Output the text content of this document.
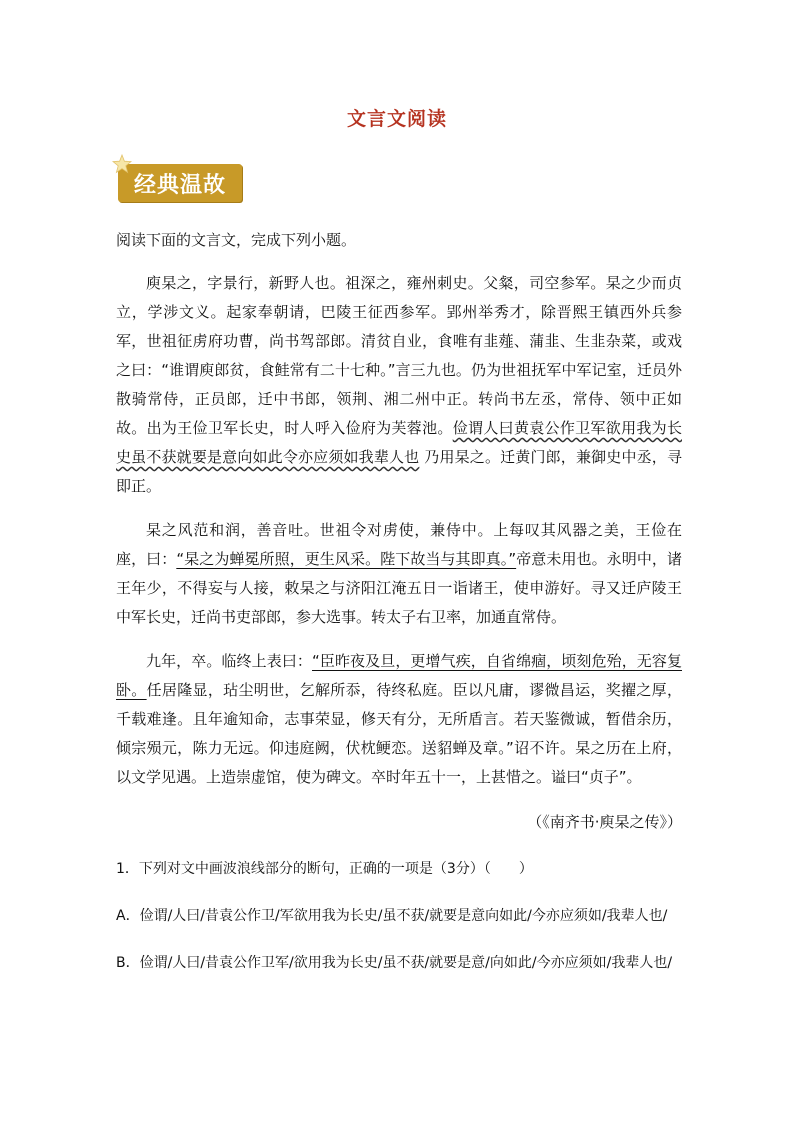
文言文阅读
经典温故

阅读下面的文言文，完成下列小题。

庾杲之，字景行，新野人也。祖深之，雍州刺史。父粲，司空参军。杲之少而贞立，学涉文义。起家奉朝请，巴陵王征西参军。郢州举秀才，除晋熙王镇西外兵参军，世祖征虏府功曹，尚书驾部郎。清贫自业，食唯有韭薤、蒲韭、生韭杂菜，或戏之曰：“谁谓庾郎贫，食鲑常有二十七种。”言三九也。仍为世祖抚军中军记室，迁员外散骑常侍，正员郎，迁中书郎，领荆、湘二州中正。转尚书左丞，常侍、领中正如故。出为王俭卫军长史，时人呼入俭府为芙蓉池。俭谓人曰黄袁公作卫军欲用我为长史虽不获就要是意向如此令亦应须如我辈人也 乃用杲之。迁黄门郎，兼御史中丞，寻即正。

杲之风范和润，善音吐。世祖令对虏使，兼侍中。上每叹其风器之美，王俭在座，曰：“杲之为蝉冕所照，更生风采。陛下故当与其即真。”帝意未用也。永明中，诸王年少，不得妄与人接，敕杲之与济阳江淹五日一诣诸王，使申游好。寻又迁庐陵王中军长史，迁尚书吏部郎，参大选事。转太子右卫率，加通直常侍。

九年，卒。临终上表曰：“臣昨夜及旦，更增气疾，自省绵痼，顷刻危殆，无容复卧。任居隆显，玷尘明世，乞解所忝，待终私庭。臣以凡庸，谬微昌运，奖擢之厚，千载难逢。且年逾知命，志事荣显，修天有分，无所盾言。若天鉴微诚，暂借余历，倾宗殒元，陈力无远。仰违庭阙，伏枕鲠恋。送貂蝉及章。”诏不许。杲之历在上府，以文学见遇。上造崇虚馆，使为碑文。卒时年五十一，上甚惜之。谥曰“贞子”。

（《南齐书·庾杲之传》）

1．下列对文中画波浪线部分的断句，正确的一项是（3分）（　　）

A．俭谓/人曰/昔袁公作卫/军欲用我为长史/虽不获/就要是意向如此/今亦应须如/我辈人也/

B．俭谓/人曰/昔袁公作卫军/欲用我为长史/虽不获/就要是意/向如此/今亦应须如/我辈人也/
